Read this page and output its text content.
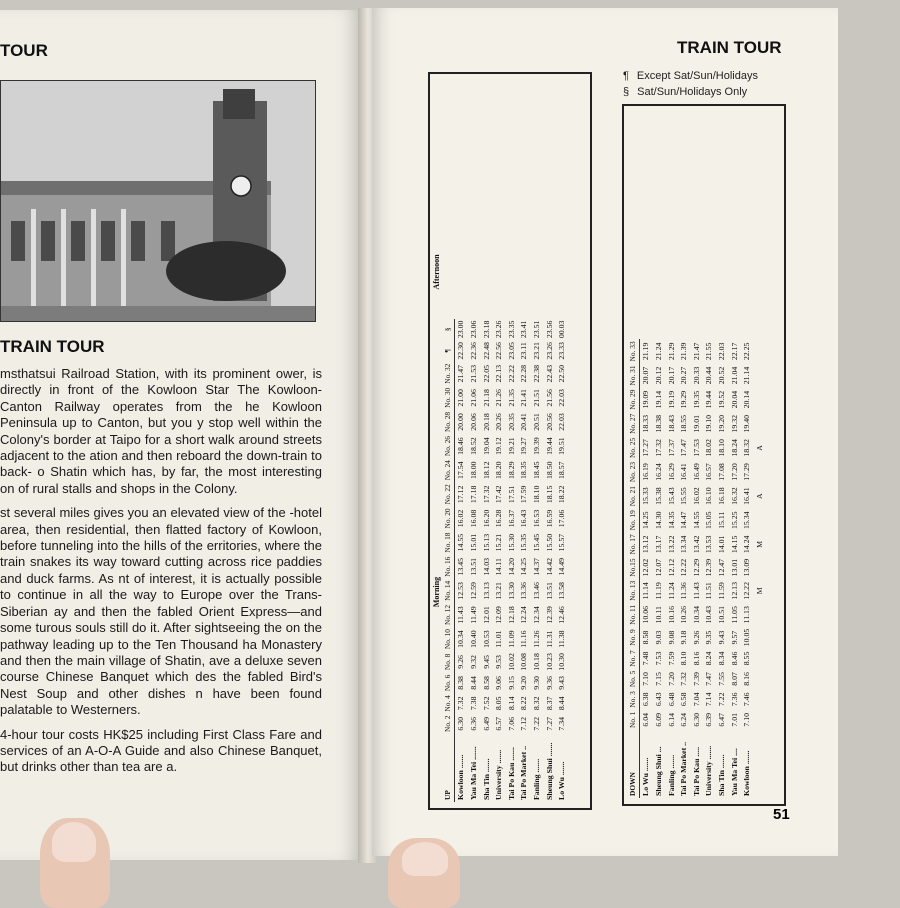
TOUR
TRAIN TOUR

msthatsui Railroad Station, with its prominent ower, is directly in front of the Kowloon Star The Kowloon-Canton Railway operates from the he Kowloon Peninsula up to Canton, but you y stop well within the Colony's border at Taipo for a short walk around streets adjacent to the ation and then reboard the down-train to back- o Shatin which has, by far, the most interesting on of rural stalls and shops in the Colony.

st several miles gives you an elevated view of the -hotel area, then residential, then flatted factory of Kowloon, before tunneling into the hills of the erritories, where the train snakes its way toward cutting across rice paddies and duck farms. As nt of interest, it is actually possible to continue in all the way to Europe over the Trans-Siberian ay and then the fabled Orient Express—and some turous souls still do it. After sightseeing the on the pathway leading up to the Ten Thousand ha Monastery and then the main village of Shatin, ave a deluxe seven course Chinese Banquet which des the fabled Bird's Nest Soup and other dishes n have been found palatable to Westerners.

4-hour tour costs HK$25 including First Class Fare and services of an A-O-A Guide and also Chinese Banquet, but drinks other than tea are a.

TRAIN TOUR
¶ Except Sat/Sun/Holidays
§ Sat/Sun/Holidays Only
Morning
Afternoon
UP	No. 2	No. 4	No. 6	No. 8	No. 10	No. 12	No. 14	No. 16	No. 18	No. 20	No. 22	No. 24	No. 26	No. 28	No. 30	No. 32	¶	§
Kowloon .......	6.30	7.32	8.38	9.26	10.34	11.43	12.53	13.45	14.55	16.02	17.12	17.54	18.46	20.00	21.00	21.47	22.30	23.00
Yau Ma Tei .......	6.36	7.38	8.44	9.32	10.40	11.49	12.59	13.51	15.01	16.08	17.18	18.00	18.52	20.06	21.06	21.53	22.36	23.06
Sha Tin .......	6.49	7.52	8.58	9.45	10.53	12.01	13.13	14.03	15.13	16.20	17.32	18.12	19.04	20.18	21.18	22.05	22.48	23.18
University .......	6.57	8.05	9.06	9.53	11.01	12.09	13.21	14.11	15.21	16.28	17.42	18.20	19.12	20.26	21.26	22.13	22.56	23.26
Tai Po Kau .......	7.06	8.14	9.15	10.02	11.09	12.18	13.30	14.20	15.30	16.37	17.51	18.29	19.21	20.35	21.35	22.22	23.05	23.35
Tai Po Market ..	7.12	8.22	9.20	10.08	11.16	12.24	13.36	14.25	15.35	16.43	17.59	18.35	19.27	20.41	21.41	22.28	23.11	23.41
Fanling .......	7.22	8.32	9.30	10.18	11.26	12.34	13.46	14.37	15.45	16.53	18.10	18.45	19.39	20.51	21.51	22.38	23.21	23.51
Sheung Shui .......	7.27	8.37	9.36	10.23	11.31	12.39	13.51	14.42	15.50	16.59	18.15	18.50	19.44	20.56	21.56	22.43	23.26	23.56
Lo Wu .......	7.34	8.44	9.43	10.30	11.38	12.46	13.58	14.49	15.57	17.06	18.22	18.57	19.51	22.03	22.03	22.50	23.33	00.03
DOWN	No. 1	No. 3	No. 5	No. 7	No. 9	No. 11	No. 13	No.15	No. 17	No. 19	No. 21	No. 23	No. 25	No. 27	No. 29	No. 31	No. 33
Lo Wu .......	6.04	6.38	7.10	7.48	8.58	10.06	11.14	12.02	13.12	14.25	15.33	16.19	17.27	18.33	19.09	20.07	21.19
Sheung Shui ...	6.09	6.43	7.15	7.53	9.03	10.11	11.19	12.07	13.17	14.30	15.38	16.24	17.32	18.38	19.14	20.12	21.24
Fanling .......	6.14	6.48	7.20	7.59	9.08	10.16	11.24	12.12	13.22	14.35	15.43	16.29	17.37	18.43	19.19	20.17	21.29
Tai Po Market ..	6.24	6.58	7.32	8.10	9.18	10.26	11.36	12.22	13.34	14.47	15.55	16.41	17.47	18.55	19.29	20.27	21.39
Tai Po Kau .....	6.30	7.04	7.39	8.16	9.26	10.34	11.43	12.29	13.42	14.55	16.02	16.49	17.53	19.01	19.35	20.33	21.47
University .......	6.39	7.14	7.47	8.24	9.35	10.43	11.51	12.39	13.53	15.05	16.10	16.57	18.02	19.10	19.44	20.44	21.55
Sha Tin .......	6.47	7.22	7.55	8.34	9.43	10.51	11.59	12.47	14.01	15.11	16.18	17.08	18.10	19.20	19.52	20.52	22.03
Yau Ma Tei ....	7.01	7.36	8.07	8.46	9.57	11.05	12.13	13.01	14.15	15.25	16.32	17.20	18.24	19.32	20.04	21.04	22.17
Kowloon .......	7.10	7.46	8.16	8.55	10.05	11.13	12.22	13.09	14.24	15.34	16.41	17.29	18.32	19.40	20.14	21.14	22.25
							M		M		A		A				
51
